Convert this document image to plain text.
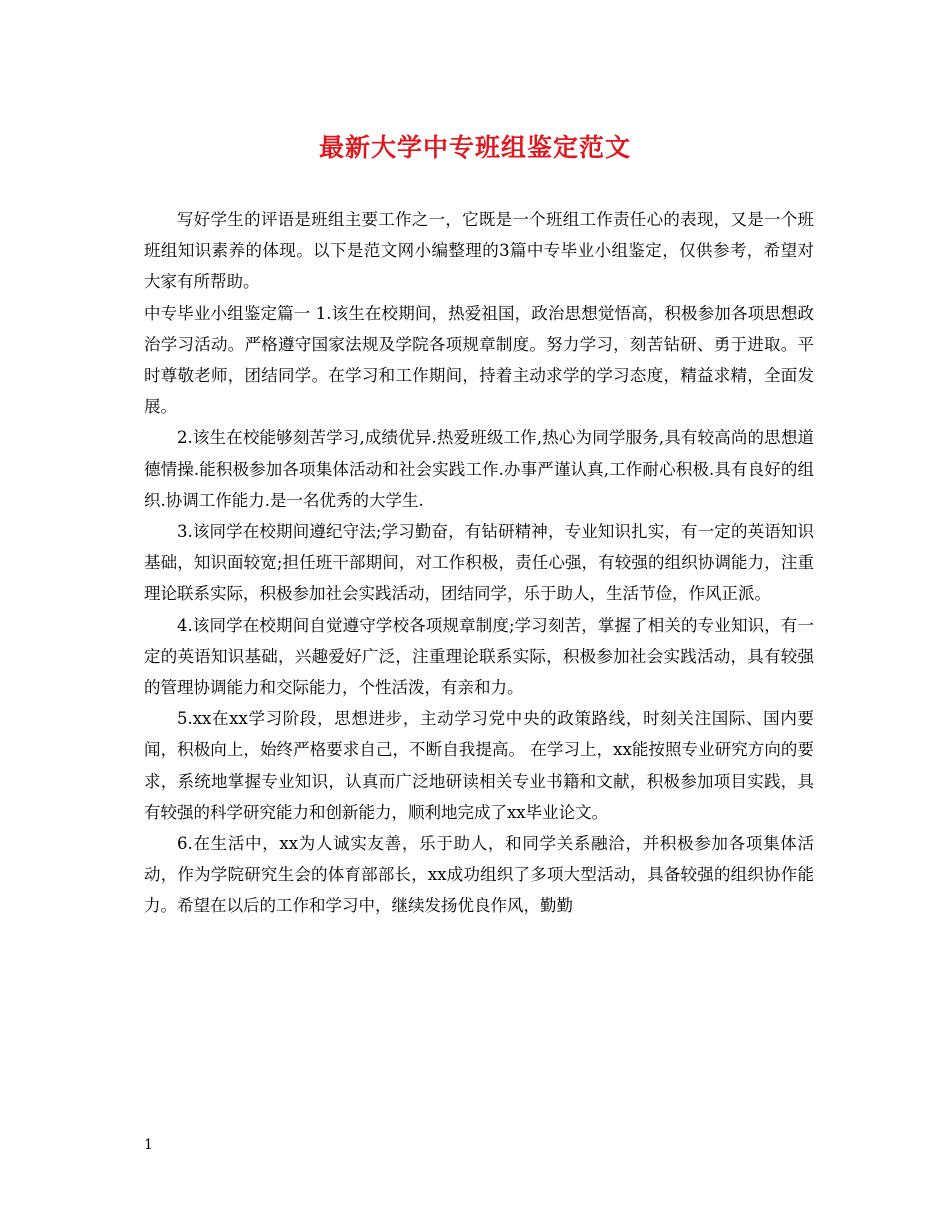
最新大学中专班组鉴定范文

写好学生的评语是班组主要工作之一，它既是一个班组工作责任心的表现，又是一个班班组知识素养的体现。以下是范文网小编整理的3篇中专毕业小组鉴定，仅供参考，希望对大家有所帮助。

中专毕业小组鉴定篇一 1.该生在校期间，热爱祖国，政治思想觉悟高，积极参加各项思想政治学习活动。严格遵守国家法规及学院各项规章制度。努力学习，刻苦钻研、勇于进取。平时尊敬老师，团结同学。在学习和工作期间，持着主动求学的学习态度，精益求精，全面发展。

2.该生在校能够刻苦学习,成绩优异.热爱班级工作,热心为同学服务,具有较高尚的思想道德情操.能积极参加各项集体活动和社会实践工作.办事严谨认真,工作耐心积极.具有良好的组织.协调工作能力.是一名优秀的大学生.

3.该同学在校期间遵纪守法;学习勤奋，有钻研精神，专业知识扎实，有一定的英语知识基础，知识面较宽;担任班干部期间，对工作积极，责任心强，有较强的组织协调能力，注重理论联系实际，积极参加社会实践活动，团结同学，乐于助人，生活节俭，作风正派。

4.该同学在校期间自觉遵守学校各项规章制度;学习刻苦，掌握了相关的专业知识，有一定的英语知识基础，兴趣爱好广泛，注重理论联系实际，积极参加社会实践活动，具有较强的管理协调能力和交际能力，个性活泼，有亲和力。

5.xx在xx学习阶段，思想进步，主动学习党中央的政策路线，时刻关注国际、国内要闻，积极向上，始终严格要求自己，不断自我提高。 在学习上，xx能按照专业研究方向的要求，系统地掌握专业知识，认真而广泛地研读相关专业书籍和文献，积极参加项目实践，具有较强的科学研究能力和创新能力，顺利地完成了xx毕业论文。

6.在生活中，xx为人诚实友善，乐于助人，和同学关系融洽，并积极参加各项集体活动，作为学院研究生会的体育部部长，xx成功组织了多项大型活动，具备较强的组织协作能力。希望在以后的工作和学习中，继续发扬优良作风，勤勤

1
